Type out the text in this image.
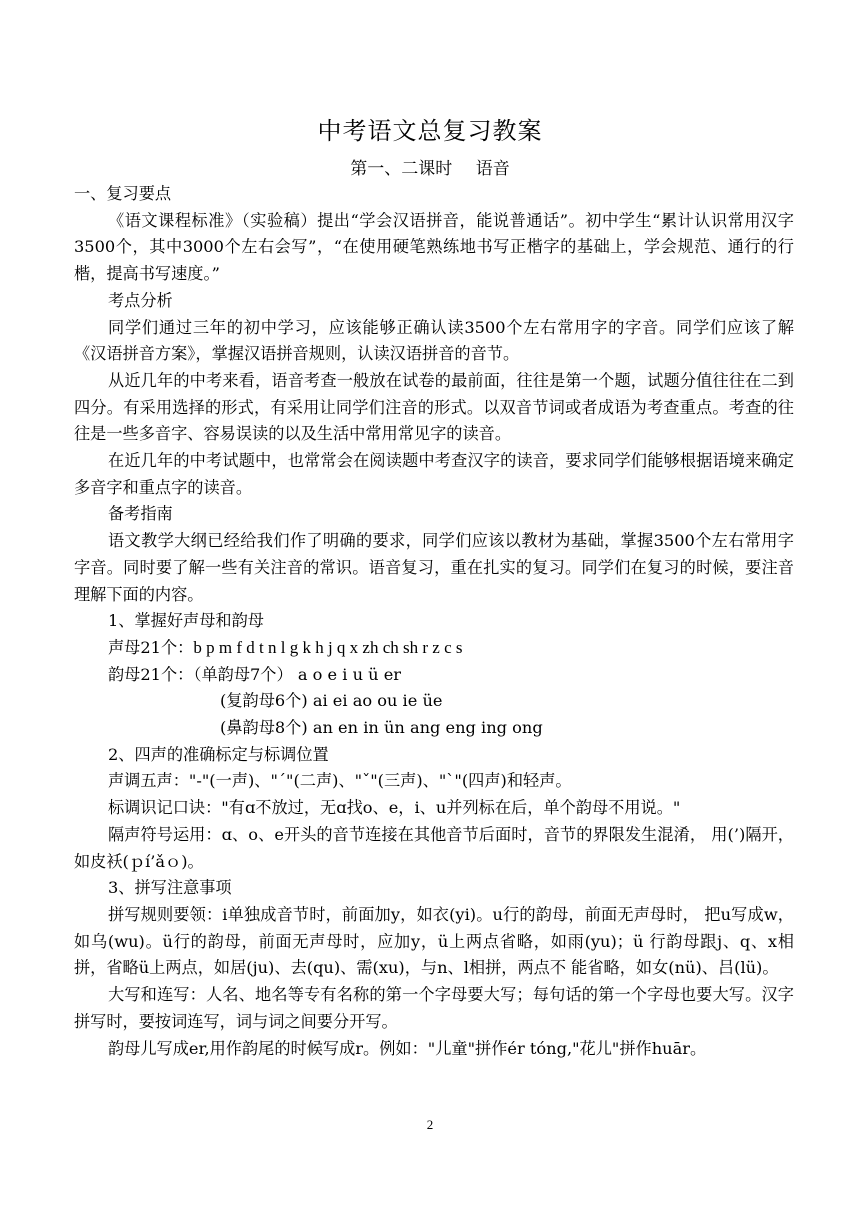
中考语文总复习教案
第一、二课时 语音

一、复习要点

《语文课程标准》（实验稿）提出“学会汉语拼音，能说普通话”。初中学生“累计认识常用汉字3500个，其中3000个左右会写”，“在使用硬笔熟练地书写正楷字的基础上，学会规范、通行的行楷，提高书写速度。”

考点分析

同学们通过三年的初中学习，应该能够正确认读3500个左右常用字的字音。同学们应该了解《汉语拼音方案》，掌握汉语拼音规则，认读汉语拼音的音节。

从近几年的中考来看，语音考查一般放在试卷的最前面，往往是第一个题，试题分值往往在二到四分。有采用选择的形式，有采用让同学们注音的形式。以双音节词或者成语为考查重点。考查的往往是一些多音字、容易误读的以及生活中常用常见字的读音。

在近几年的中考试题中，也常常会在阅读题中考查汉字的读音，要求同学们能够根据语境来确定多音字和重点字的读音。

备考指南

语文教学大纲已经给我们作了明确的要求，同学们应该以教材为基础，掌握3500个左右常用字字音。同时要了解一些有关注音的常识。语音复习，重在扎实的复习。同学们在复习的时候，要注音理解下面的内容。

1、掌握好声母和韵母

声母21个：b p m f d t n l g k h j q x zh ch sh r z c s

韵母21个：（单韵母7个） a o e i u ü er

(复韵母6个) ai ei ao ou ie üe

(鼻韵母8个) an en in ün ang eng ing ong

2、四声的准确标定与标调位置

声调五声："-"(一声)、"ˊ"(二声)、"ˇ"(三声)、"ˋ"(四声)和轻声。

标调识记口诀："有ɑ不放过，无ɑ找o、e，i、u并列标在后，单个韵母不用说。"

隔声符号运用：ɑ、o、e开头的音节连接在其他音节后面时，音节的界限发生混淆， 用(’)隔开，如皮袄(ｐí’ǎｏ)。

3、拼写注意事项

拼写规则要领：i单独成音节时，前面加y，如衣(yi)。u行的韵母，前面无声母时， 把u写成w，如乌(wu)。ü行的韵母，前面无声母时，应加y，ü上两点省略，如雨(yu)；ü 行韵母跟j、q、x相拼，省略ü上两点，如居(ju)、去(qu)、需(xu)，与n、l相拼，两点不 能省略，如女(nü)、吕(lü)。

大写和连写：人名、地名等专有名称的第一个字母要大写；每句话的第一个字母也要大写。汉字拼写时，要按词连写，词与词之间要分开写。

韵母儿写成er,用作韵尾的时候写成r。例如："儿童"拼作ér tóng,"花儿"拼作huār。

2
